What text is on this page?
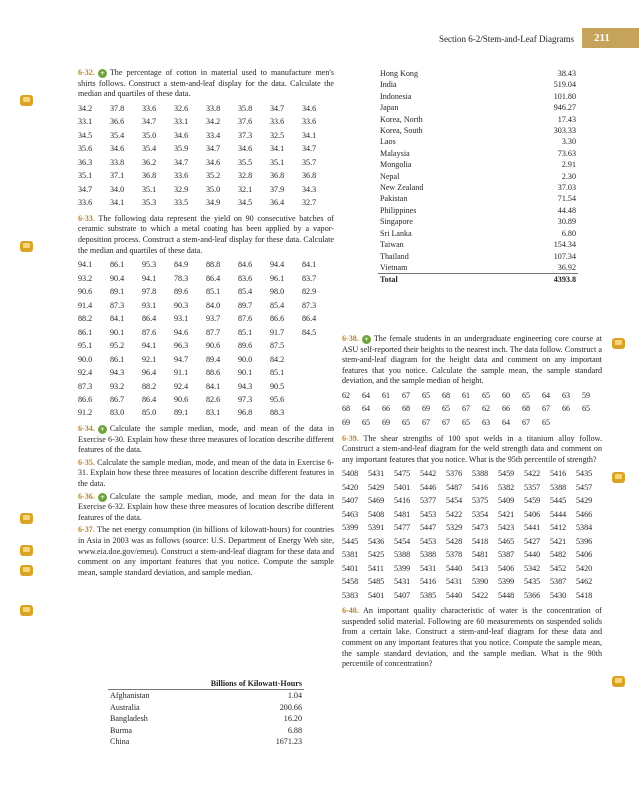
Section 6-2/Stem-and-Leaf Diagrams	211

6-32. + The percentage of cotton in material used to manufacture men's shirts follows. Construct a stem-and-leaf display for the data. Calculate the median and quartiles of these data.

34.2	37.8	33.6	32.6	33.8	35.8	34.7	34.6
33.1	36.6	34.7	33.1	34.2	37.6	33.6	33.6
34.5	35.4	35.0	34.6	33.4	37.3	32.5	34.1
35.6	34.6	35.4	35.9	34.7	34.6	34.1	34.7
36.3	33.8	36.2	34.7	34.6	35.5	35.1	35.7
35.1	37.1	36.8	33.6	35.2	32.8	36.8	36.8
34.7	34.0	35.1	32.9	35.0	32.1	37.9	34.3
33.6	34.1	35.3	33.5	34.9	34.5	36.4	32.7

6-33. The following data represent the yield on 90 consecutive batches of ceramic substrate to which a metal coating has been applied by a vapor-deposition process. Construct a stem-and-leaf display for these data. Calculate the median and quartiles of these data.

94.1	86.1	95.3	84.9	88.8	84.6	94.4	84.1
93.2	90.4	94.1	78.3	86.4	83.6	96.1	83.7
90.6	89.1	97.8	89.6	85.1	85.4	98.0	82.9
91.4	87.3	93.1	90.3	84.0	89.7	85.4	87.3
88.2	84.1	86.4	93.1	93.7	87.6	86.6	86.4
86.1	90.1	87.6	94.6	87.7	85.1	91.7	84.5
95.1	95.2	94.1	96.3	90.6	89.6	87.5
90.0	86.1	92.1	94.7	89.4	90.0	84.2
92.4	94.3	96.4	91.1	88.6	90.1	85.1
87.3	93.2	88.2	92.4	84.1	94.3	90.5
86.6	86.7	86.4	90.6	82.6	97.3	95.6
91.2	83.0	85.0	89.1	83.1	96.8	88.3

6-34. + Calculate the sample median, mode, and mean of the data in Exercise 6-30. Explain how these three measures of location describe different features of the data.

6-35. Calculate the sample median, mode, and mean of the data in Exercise 6-31. Explain how these three measures of location describe different features in the data.

6-36. + Calculate the sample median, mode, and mean for the data in Exercise 6-32. Explain how these three measures of location describe different features of the data.

6-37. The net energy consumption (in billions of kilowatt-hours) for countries in Asia in 2003 was as follows (source: U.S. Department of Energy Web site, www.eia.doe.gov/emeu). Construct a stem-and-leaf diagram for these data and comment on any important features that you notice. Compute the sample mean, sample standard deviation, and sample median.

Billions of Kilowatt-Hours	
Afghanistan	1.04
Australia	200.66
Bangladesh	16.20
Burma	6.88
China	1671.23
Hong Kong	38.43
India	519.04
Indonesia	101.80
Japan	946.27
Korea, North	17.43
Korea, South	303.33
Laos	3.30
Malaysia	73.63
Mongolia	2.91
Nepal	2.30
New Zealand	37.03
Pakistan	71.54
Philippines	44.48
Singapore	30.89
Sri Lanka	6.80
Taiwan	154.34
Thailand	107.34
Vietnam	36.92
Total	4393.8

6-38. + The female students in an undergraduate engineering core course at ASU self-reported their heights to the nearest inch. The data follow. Construct a stem-and-leaf diagram for the height data and comment on any important features that you notice. Calculate the sample mean, the sample standard deviation, and the sample median of height.

62	64	61	67	65	68	61	65	60	65	64	63	59
68	64	66	68	69	65	67	62	66	68	67	66	65
69	65	69	65	67	67	65	63	64	67	65

6-39. The shear strengths of 100 spot welds in a titanium alloy follow. Construct a stem-and-leaf diagram for the weld strength data and comment on any important features that you notice. What is the 95th percentile of strength?

5408	5431	5475	5442	5376	5388	5459	5422	5416	5435
5420	5429	5401	5446	5487	5416	5382	5357	5388	5457
5407	5469	5416	5377	5454	5375	5409	5459	5445	5429
5463	5408	5481	5453	5422	5354	5421	5406	5444	5466
5399	5391	5477	5447	5329	5473	5423	5441	5412	5384
5445	5436	5454	5453	5428	5418	5465	5427	5421	5396
5381	5425	5388	5388	5378	5481	5387	5440	5482	5406
5401	5411	5399	5431	5440	5413	5406	5342	5452	5420
5458	5485	5431	5416	5431	5390	5399	5435	5387	5462
5383	5401	5407	5385	5440	5422	5448	5366	5430	5418

6-40. An important quality characteristic of water is the concentration of suspended solid material. Following are 60 measurements on suspended solids from a certain lake. Construct a stem-and-leaf diagram for these data and comment on any important features that you notice. Compute the sample mean, the sample standard deviation, and the sample median. What is the 90th percentile of concentration?
